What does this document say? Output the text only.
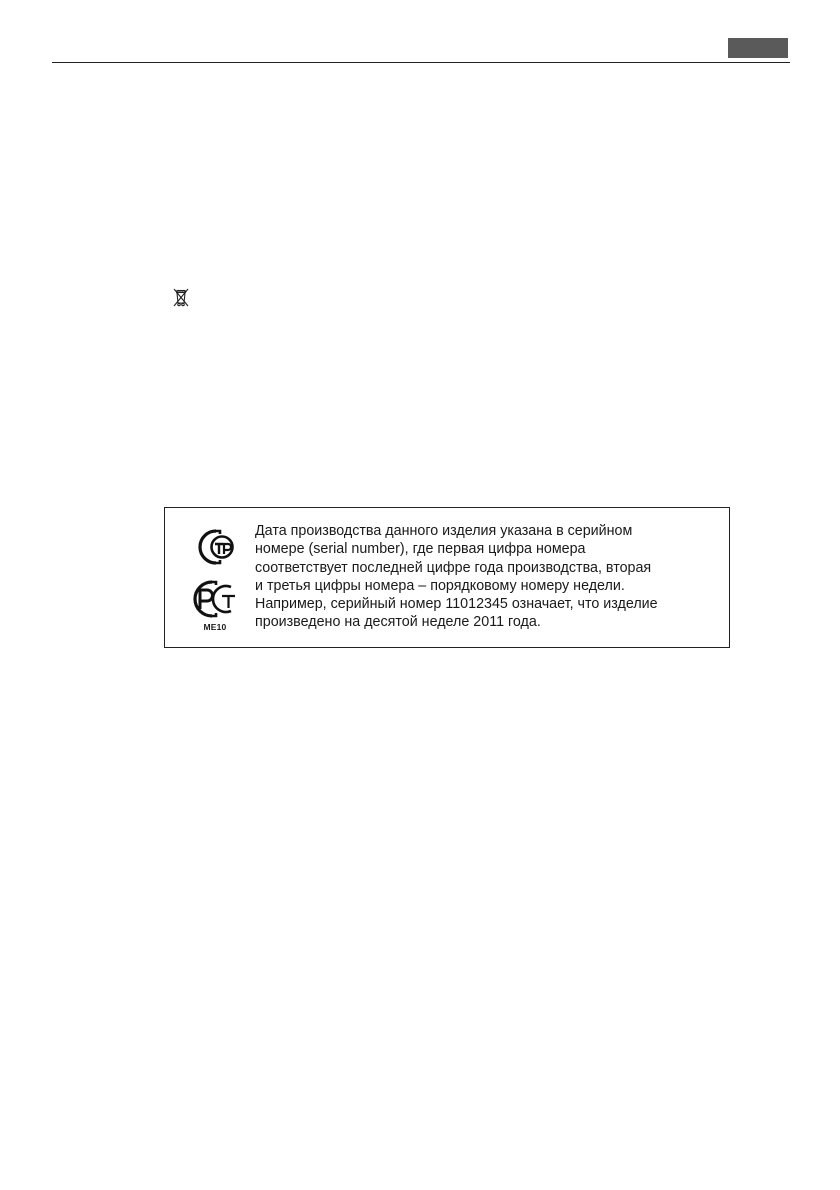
ME10

Дата производства данного изделия указана в серийном
номере (serial number), где первая цифра номера
соответствует последней цифре года производства, вторая
и третья цифры номера – порядковому номеру недели.
Например, серийный номер 11012345 означает, что изделие
произведено на десятой неделе 2011 года.
